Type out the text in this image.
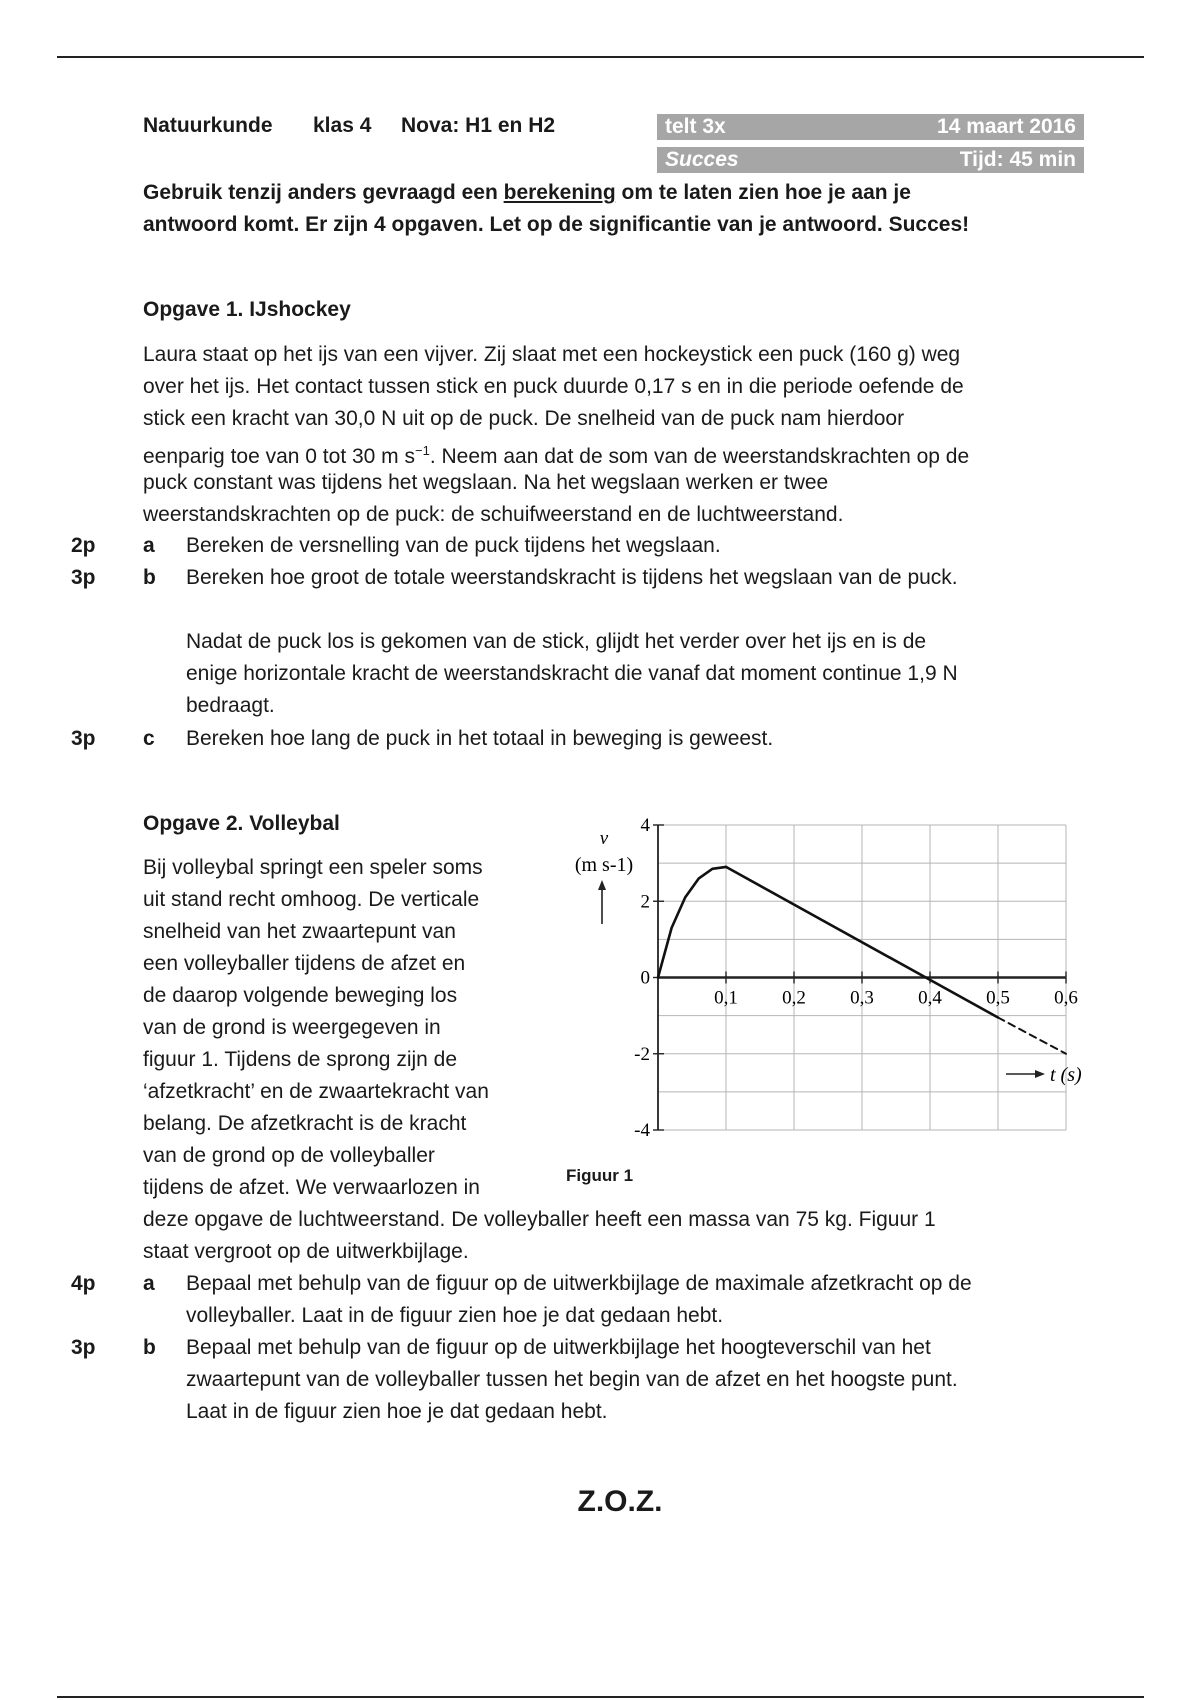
Natuurkunde klas 4 Nova: H1 en H2	telt 3x	14 maart 2016
Succes	Tijd: 45 min
Gebruik tenzij anders gevraagd een berekening om te laten zien hoe je aan je
antwoord komt. Er zijn 4 opgaven. Let op de significantie van je antwoord. Succes!
Opgave 1. IJshockey
Laura staat op het ijs van een vijver. Zij slaat met een hockeystick een puck (160 g) weg
over het ijs. Het contact tussen stick en puck duurde 0,17 s en in die periode oefende de
stick een kracht van 30,0 N uit op de puck. De snelheid van de puck nam hierdoor
eenparig toe van 0 tot 30 m $s^{-1}$. Neem aan dat de som van de weerstandskrachten op de
puck constant was tijdens het wegslaan. Na het wegslaan werken er twee
weerstandskrachten op de puck: de schuifweerstand en de luchtweerstand.
2p a Bereken de versnelling van de puck tijdens het wegslaan.
3p b Bereken hoe groot de totale weerstandskracht is tijdens het wegslaan van de puck.
Nadat de puck los is gekomen van de stick, glijdt het verder over het ijs en is de
enige horizontale kracht de weerstandskracht die vanaf dat moment continue 1,9 N
bedraagt.
3p c Bereken hoe lang de puck in het totaal in beweging is geweest.
Opgave 2. Volleybal
Bij volleybal springt een speler soms
uit stand recht omhoog. De verticale
snelheid van het zwaartepunt van
een volleyballer tijdens de afzet en
de daarop volgende beweging los
van de grond is weergegeven in
figuur 1. Tijdens de sprong zijn de
‘afzetkracht’ en de zwaartekracht van
belang. De afzetkracht is de kracht
van de grond op de volleyballer
tijdens de afzet. We verwaarlozen in
deze opgave de luchtweerstand. De volleyballer heeft een massa van 75 kg. Figuur 1
staat vergroot op de uitwerkbijlage.
Figuur 1
4
2
0
-2
-4
0,1 0,2 0,3 0,4 0,5 0,6
v
(m s-1)
t (s)
4p a Bepaal met behulp van de figuur op de uitwerkbijlage de maximale afzetkracht op de
volleyballer. Laat in de figuur zien hoe je dat gedaan hebt.
3p b Bepaal met behulp van de figuur op de uitwerkbijlage het hoogteverschil van het
zwaartepunt van de volleyballer tussen het begin van de afzet en het hoogste punt.
Laat in de figuur zien hoe je dat gedaan hebt.
Z.O.Z.
